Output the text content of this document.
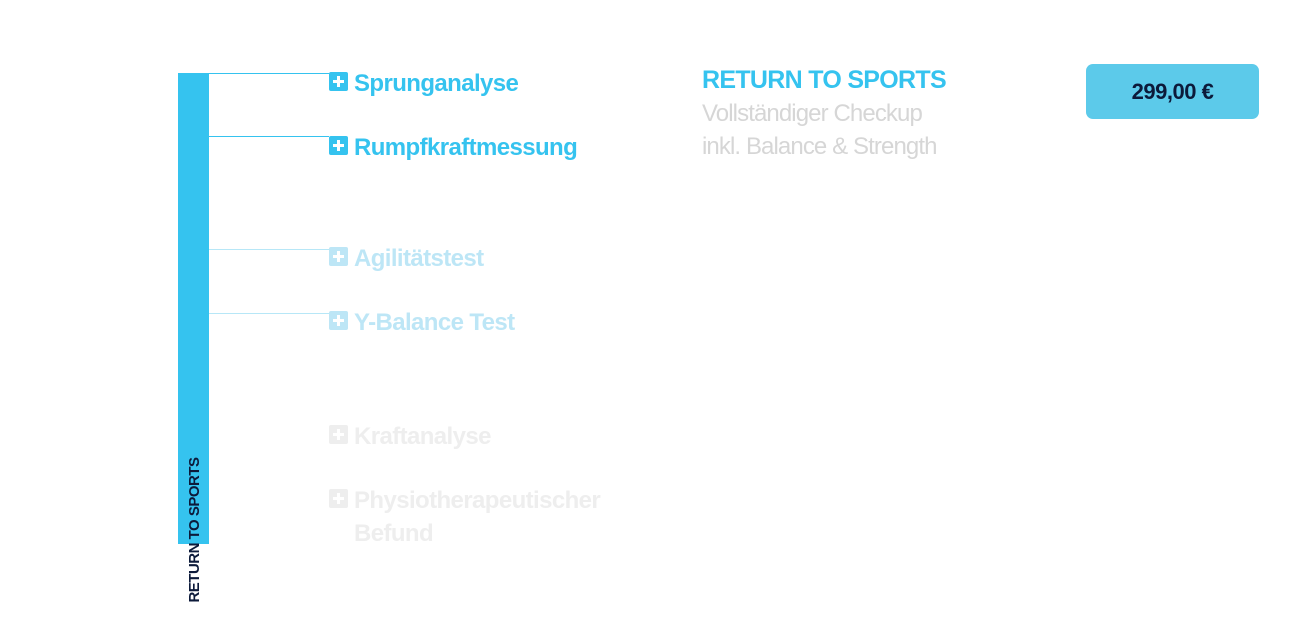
RETURN TO SPORTS
Sprunganalyse
Rumpfkraftmessung
Agilitätstest
Y-Balance Test
Kraftanalyse
Physiotherapeutischer Befund
RETURN TO SPORTS
Vollständiger Checkup
inkl. Balance & Strength
299,00 €
